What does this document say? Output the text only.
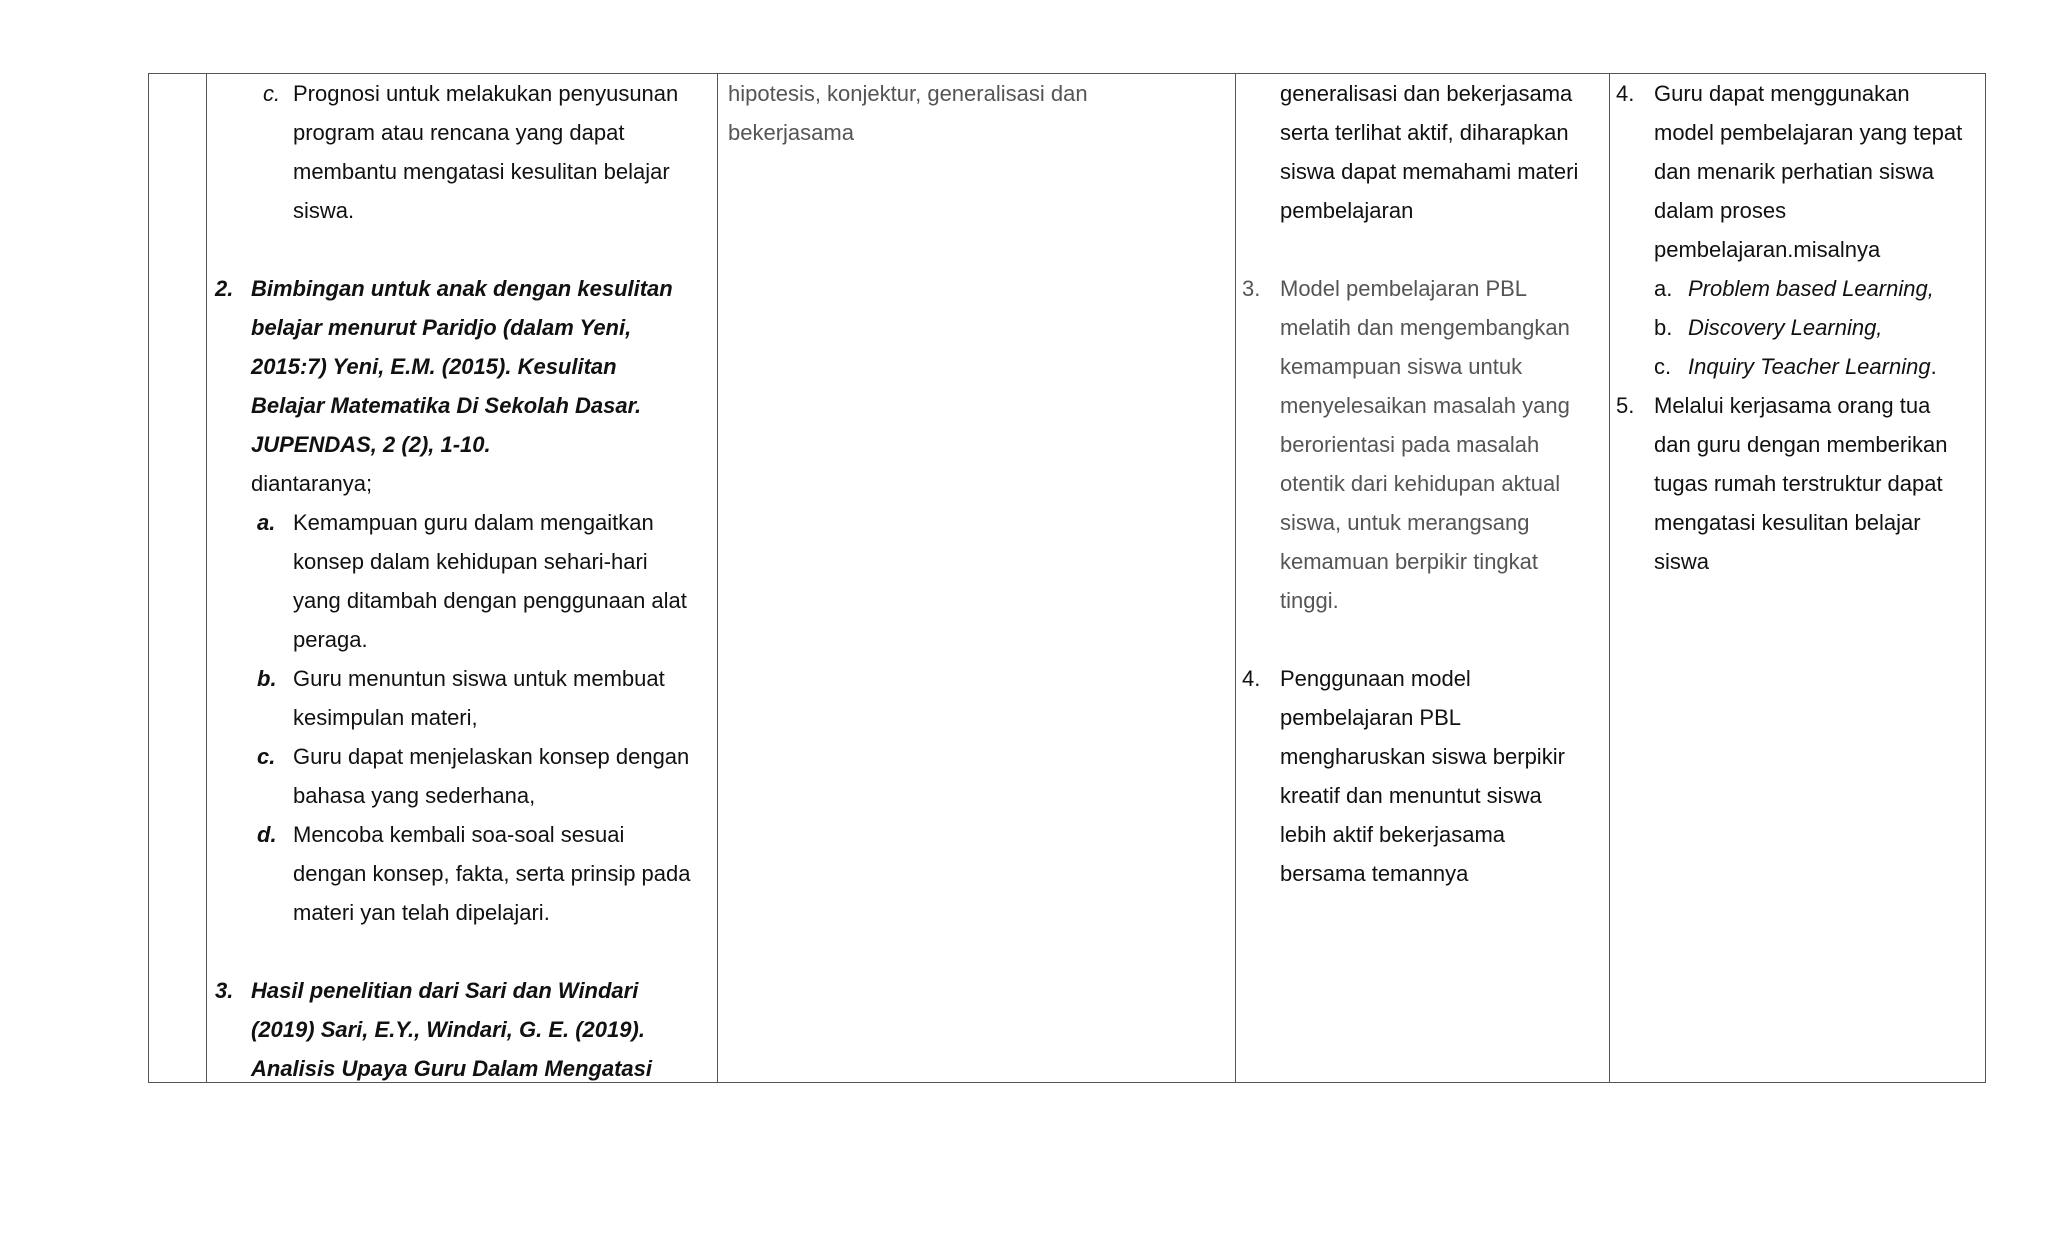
c. Prognosi untuk melakukan penyusunan
program atau rencana yang dapat
membantu mengatasi kesulitan belajar
siswa.
2. Bimbingan untuk anak dengan kesulitan
belajar menurut Paridjo (dalam Yeni,
2015:7) Yeni, E.M. (2015). Kesulitan
Belajar Matematika Di Sekolah Dasar.
JUPENDAS, 2 (2), 1-10.
diantaranya;
a. Kemampuan guru dalam mengaitkan
konsep dalam kehidupan sehari-hari
yang ditambah dengan penggunaan alat
peraga.
b. Guru menuntun siswa untuk membuat
kesimpulan materi,
c. Guru dapat menjelaskan konsep dengan
bahasa yang sederhana,
d. Mencoba kembali soa-soal sesuai
dengan konsep, fakta, serta prinsip pada
materi yan telah dipelajari.
3. Hasil penelitian dari Sari dan Windari
(2019) Sari, E.Y., Windari, G. E. (2019).
Analisis Upaya Guru Dalam Mengatasi
hipotesis, konjektur, generalisasi dan
bekerjasama
generalisasi dan bekerjasama
serta terlihat aktif, diharapkan
siswa dapat memahami materi
pembelajaran
3. Model pembelajaran PBL
melatih dan mengembangkan
kemampuan siswa untuk
menyelesaikan masalah yang
berorientasi pada masalah
otentik dari kehidupan aktual
siswa, untuk merangsang
kemamuan berpikir tingkat
tinggi.
4. Penggunaan model
pembelajaran PBL
mengharuskan siswa berpikir
kreatif dan menuntut siswa
lebih aktif bekerjasama
bersama temannya
4. Guru dapat menggunakan
model pembelajaran yang tepat
dan menarik perhatian siswa
dalam proses
pembelajaran.misalnya
a. Problem based Learning,
b. Discovery Learning,
c. Inquiry Teacher Learning.
5. Melalui kerjasama orang tua
dan guru dengan memberikan
tugas rumah terstruktur dapat
mengatasi kesulitan belajar
siswa
